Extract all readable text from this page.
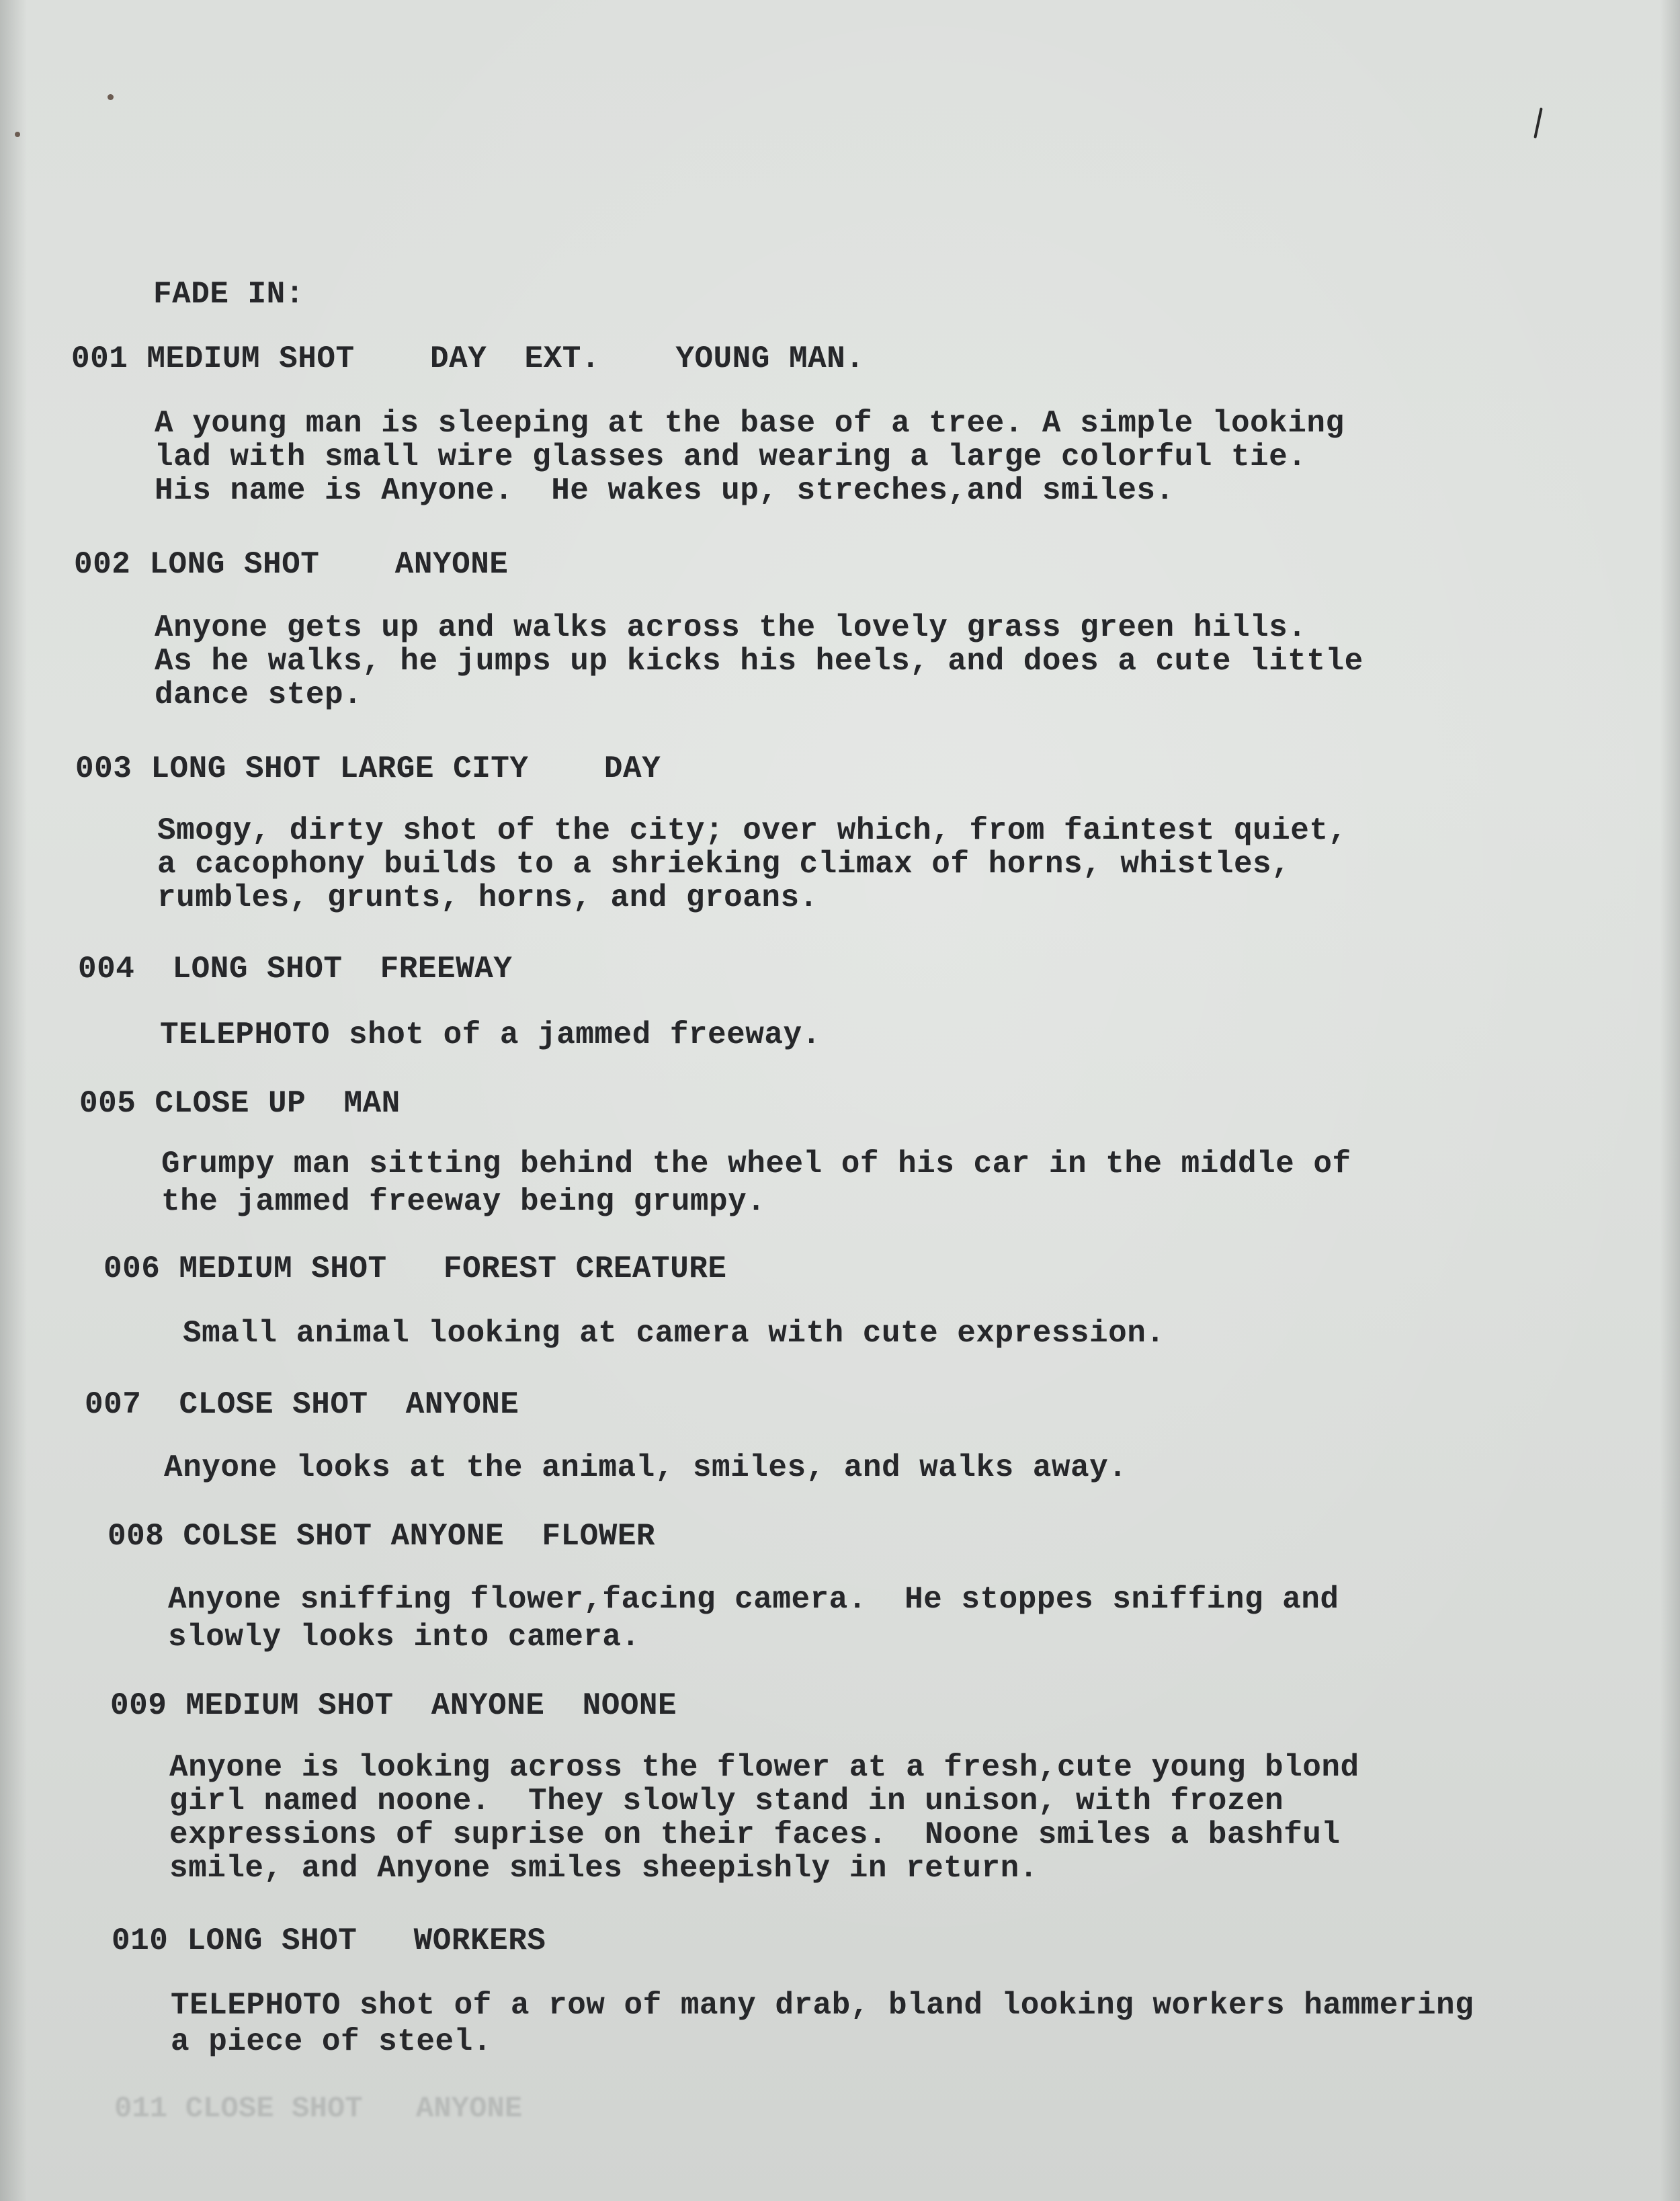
FADE IN:
001 MEDIUM SHOT    DAY  EXT.    YOUNG MAN.
A young man is sleeping at the base of a tree. A simple looking
lad with small wire glasses and wearing a large colorful tie.
His name is Anyone.  He wakes up, streches,and smiles.
002 LONG SHOT    ANYONE
Anyone gets up and walks across the lovely grass green hills.
As he walks, he jumps up kicks his heels, and does a cute little
dance step.
003 LONG SHOT LARGE CITY    DAY
Smogy, dirty shot of the city; over which, from faintest quiet,
a cacophony builds to a shrieking climax of horns, whistles,
rumbles, grunts, horns, and groans.
004  LONG SHOT  FREEWAY
TELEPHOTO shot of a jammed freeway.
005 CLOSE UP  MAN
Grumpy man sitting behind the wheel of his car in the middle of
the jammed freeway being grumpy.
006 MEDIUM SHOT   FOREST CREATURE
Small animal looking at camera with cute expression.
007  CLOSE SHOT  ANYONE
Anyone looks at the animal, smiles, and walks away.
008 COLSE SHOT ANYONE  FLOWER
Anyone sniffing flower,facing camera.  He stoppes sniffing and
slowly looks into camera.
009 MEDIUM SHOT  ANYONE  NOONE
Anyone is looking across the flower at a fresh,cute young blond
girl named noone.  They slowly stand in unison, with frozen
expressions of suprise on their faces.  Noone smiles a bashful
smile, and Anyone smiles sheepishly in return.
010 LONG SHOT   WORKERS
TELEPHOTO shot of a row of many drab, bland looking workers hammering
a piece of steel.
011 CLOSE SHOT   ANYONE
